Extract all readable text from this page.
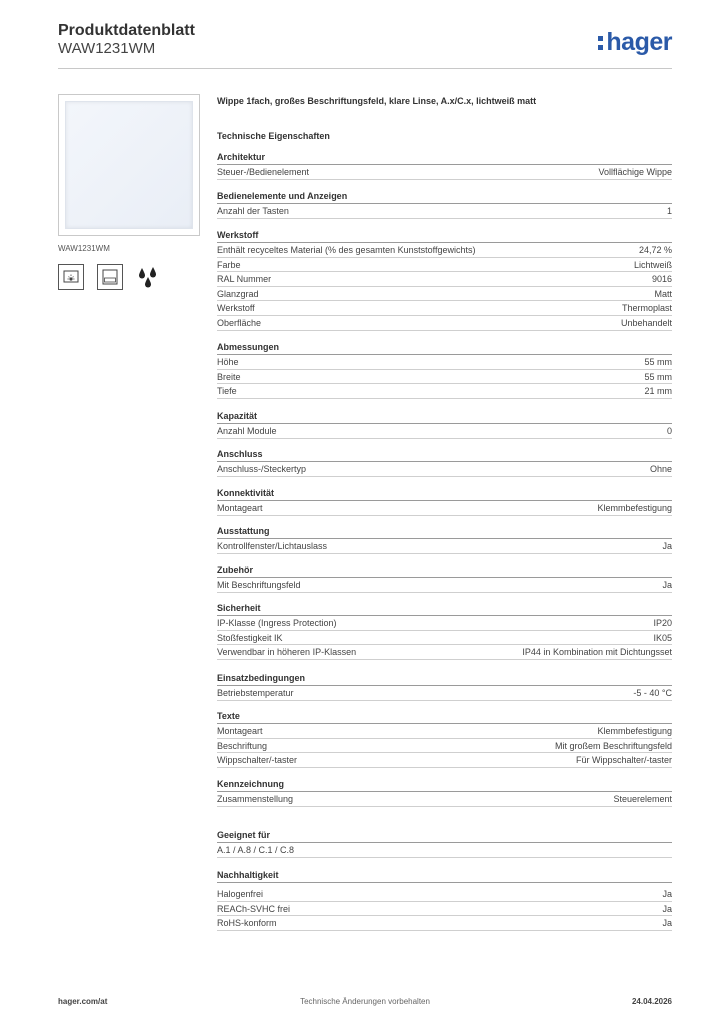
Produktdatenblatt
WAW1231WM	hager
WAW1231WM
Wippe 1fach, großes Beschriftungsfeld, klare Linse, A.x/C.x, lichtweiß matt
Technische Eigenschaften
Architektur
Steuer-/Bedienelement	Vollflächige Wippe
Bedienelemente und Anzeigen
Anzahl der Tasten	1
Werkstoff
Enthält recyceltes Material (% des gesamten Kunststoffgewichts)	24,72 %
Farbe	Lichtweiß
RAL Nummer	9016
Glanzgrad	Matt
Werkstoff	Thermoplast
Oberfläche	Unbehandelt
Abmessungen
Höhe	55 mm
Breite	55 mm
Tiefe	21 mm
Kapazität
Anzahl Module	0
Anschluss
Anschluss-/Steckertyp	Ohne
Konnektivität
Montageart	Klemmbefestigung
Ausstattung
Kontrollfenster/Lichtauslass	Ja
Zubehör
Mit Beschriftungsfeld	Ja
Sicherheit
IP-Klasse (Ingress Protection)	IP20
Stoßfestigkeit IK	IK05
Verwendbar in höheren IP-Klassen	IP44 in Kombination mit Dichtungsset
Einsatzbedingungen
Betriebstemperatur	-5 - 40 °C
Texte
Montageart	Klemmbefestigung
Beschriftung	Mit großem Beschriftungsfeld
Wippschalter/-taster	Für Wippschalter/-taster
Kennzeichnung
Zusammenstellung	Steuerelement
Geeignet für
A.1 / A.8 / C.1 / C.8
Nachhaltigkeit
Halogenfrei	Ja
REACh-SVHC frei	Ja
RoHS-konform	Ja
hager.com/at	Technische Änderungen vorbehalten	24.04.2026
